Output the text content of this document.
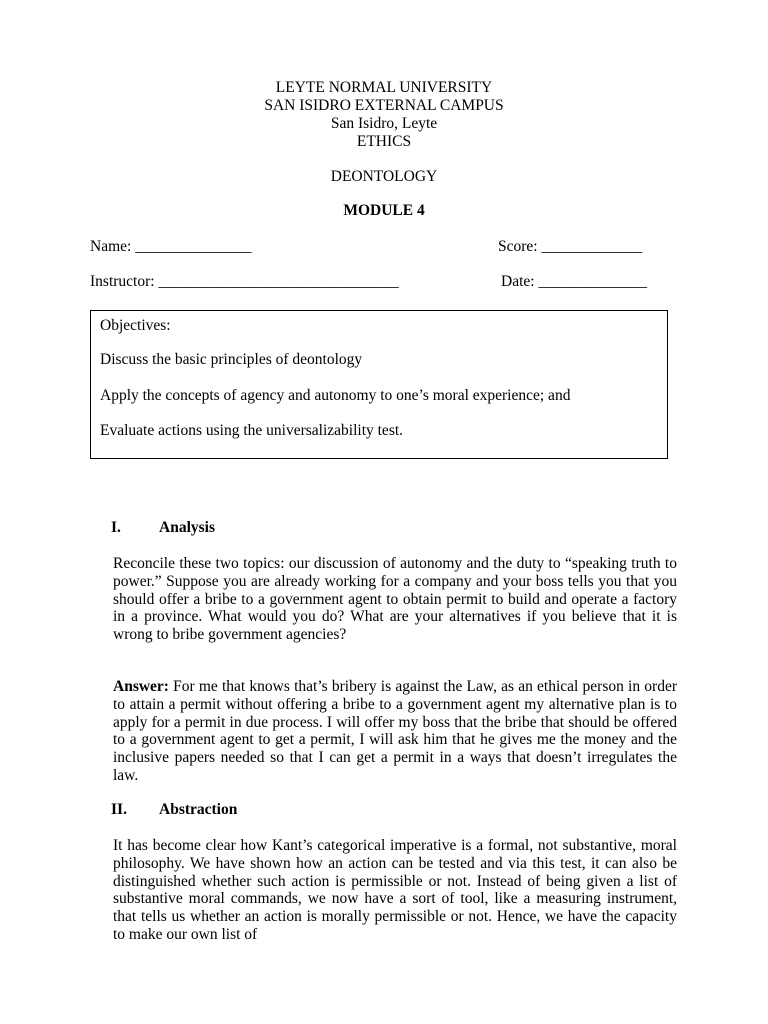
LEYTE NORMAL UNIVERSITY
SAN ISIDRO EXTERNAL CAMPUS
San Isidro, Leyte
ETHICS
DEONTOLOGY
MODULE 4
Name: _______________	Score: _____________
Instructor: _______________________________	Date: ______________
Objectives:
Discuss the basic principles of deontology
Apply the concepts of agency and autonomy to one’s moral experience; and
Evaluate actions using the universalizability test.
I. Analysis
Reconcile these two topics: our discussion of autonomy and the duty to “speaking truth to power.” Suppose you are already working for a company and your boss tells you that you should offer a bribe to a government agent to obtain permit to build and operate a factory in a province. What would you do? What are your alternatives if you believe that it is wrong to bribe government agencies?
Answer: For me that knows that’s bribery is against the Law, as an ethical person in order to attain a permit without offering a bribe to a government agent my alternative plan is to apply for a permit in due process. I will offer my boss that the bribe that should be offered to a government agent to get a permit, I will ask him that he gives me the money and the inclusive papers needed so that I can get a permit in a ways that doesn’t irregulates the law.
II. Abstraction
It has become clear how Kant’s categorical imperative is a formal, not substantive, moral philosophy. We have shown how an action can be tested and via this test, it can also be distinguished whether such action is permissible or not. Instead of being given a list of substantive moral commands, we now have a sort of tool, like a measuring instrument, that tells us whether an action is morally permissible or not. Hence, we have the capacity to make our own list of
